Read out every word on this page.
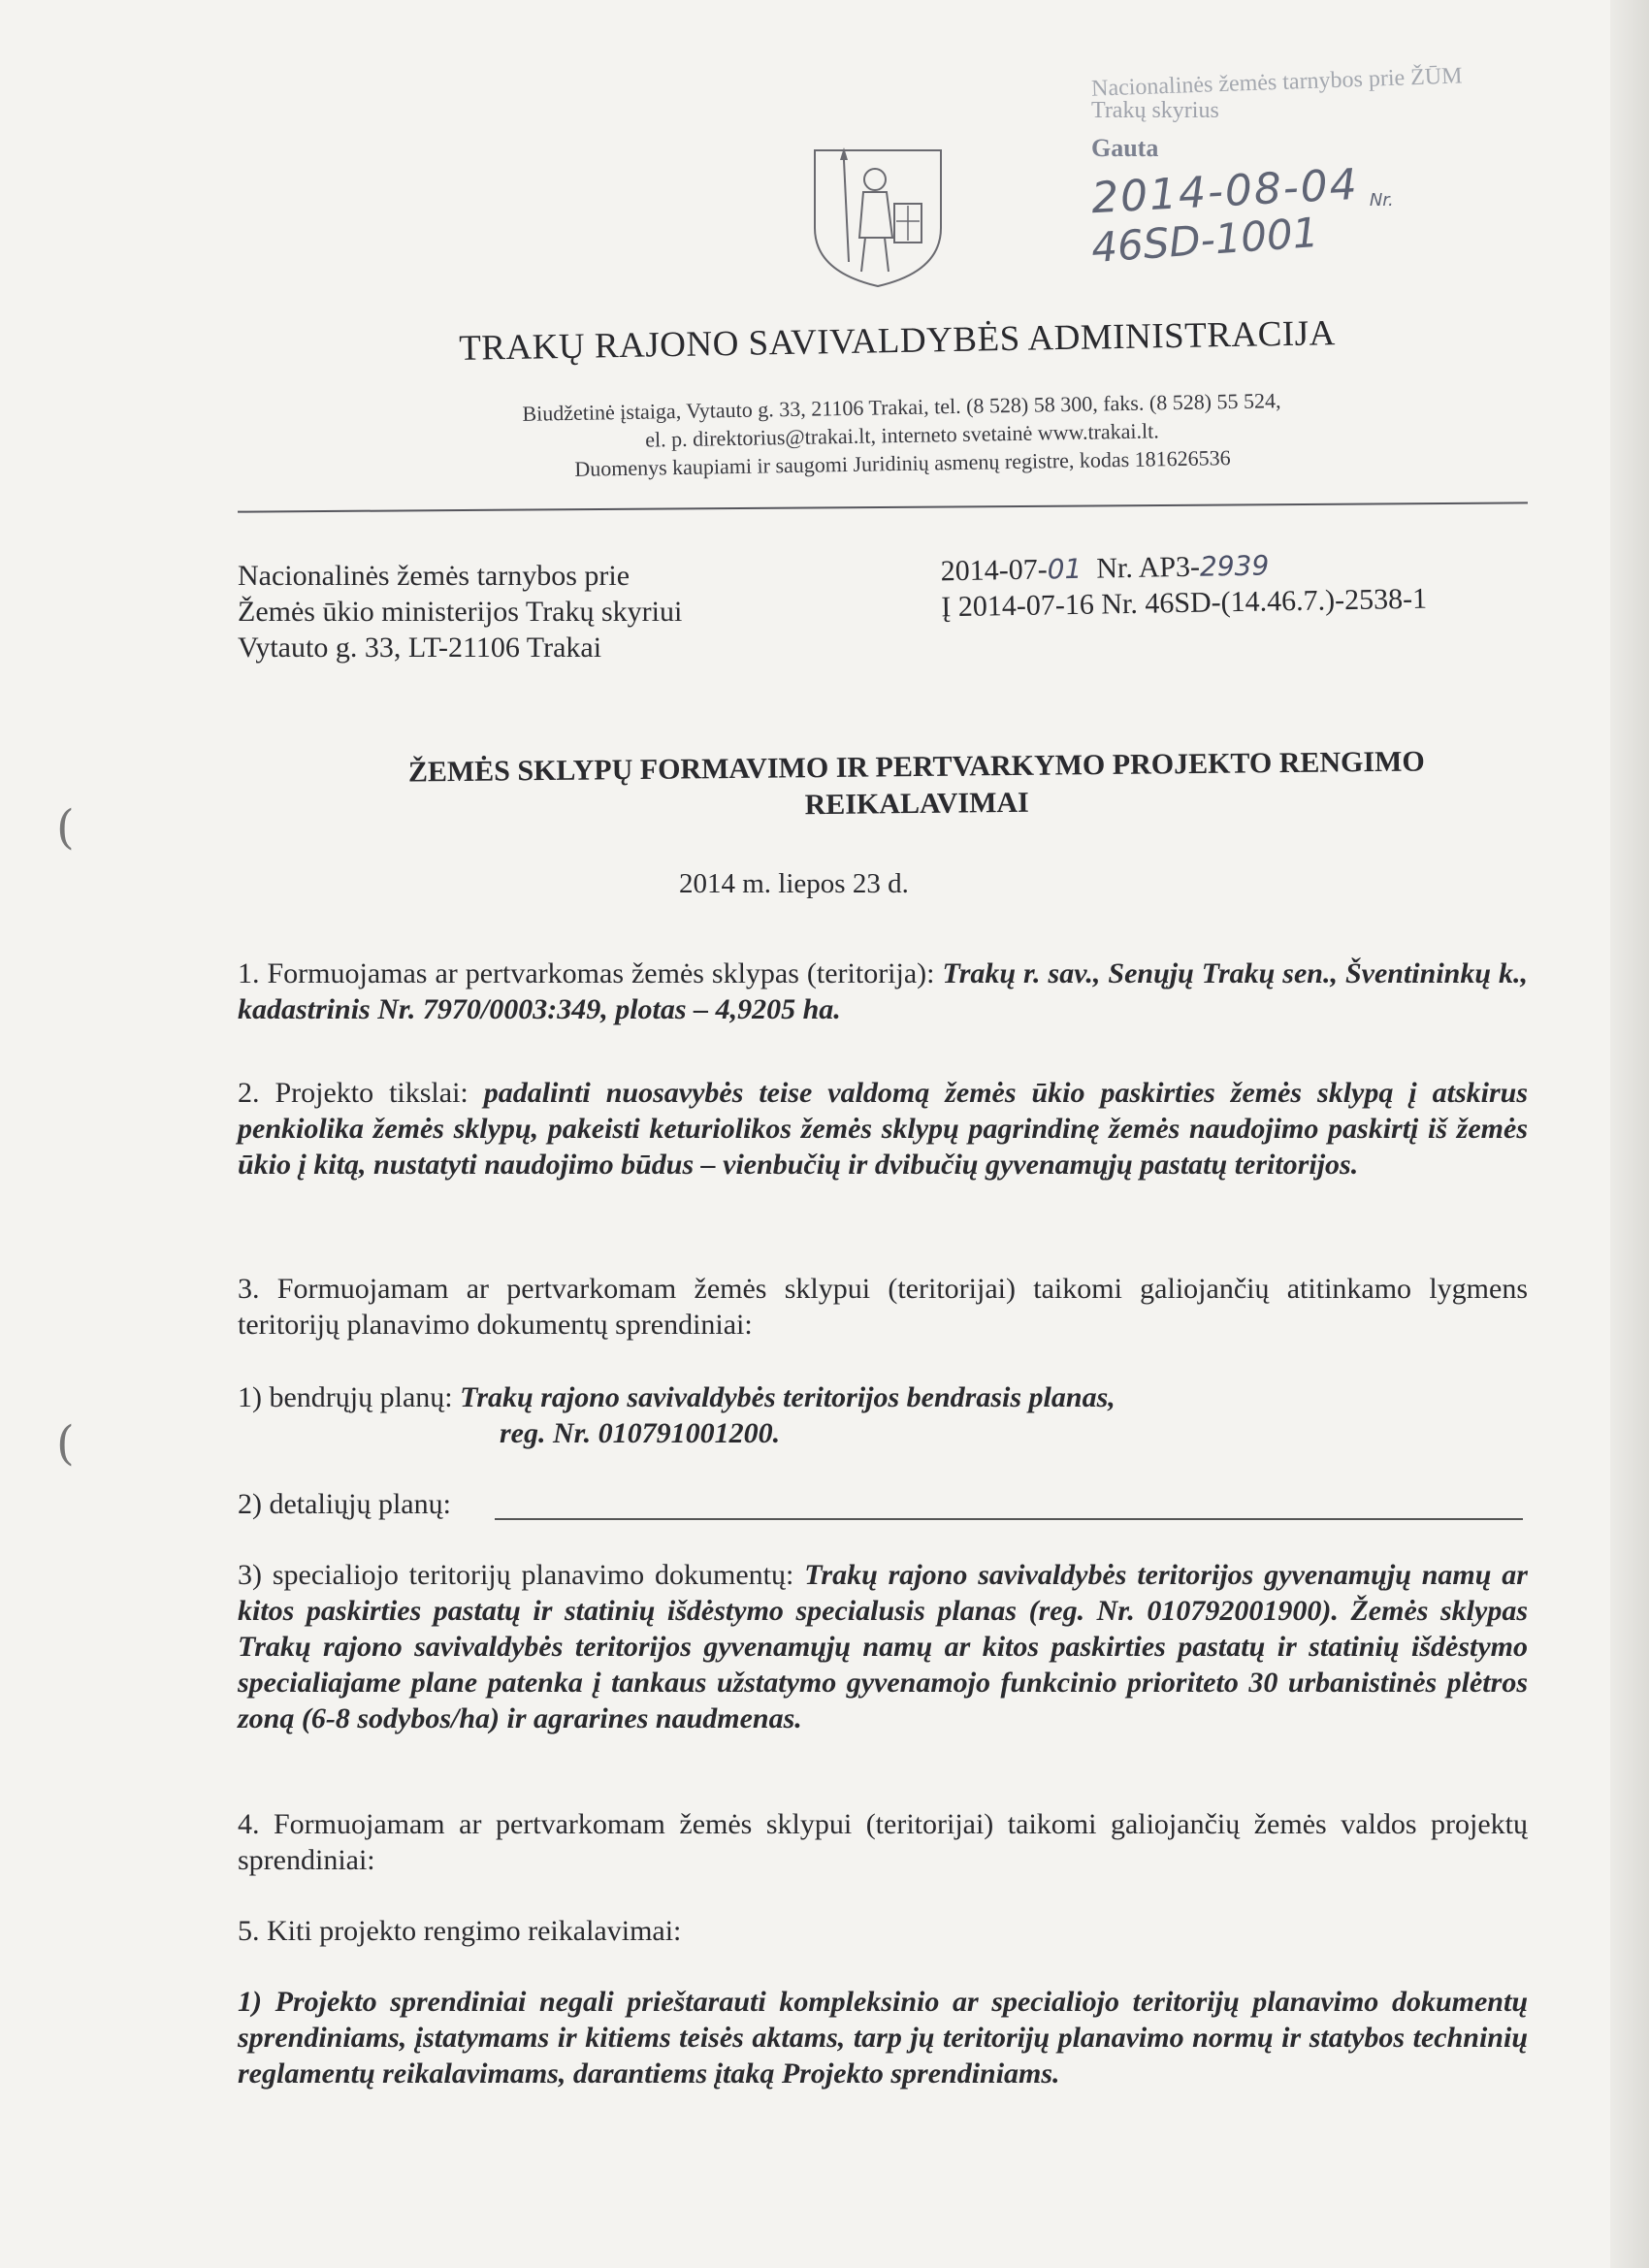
Nacionalinės žemės tarnybos prie ŽŪM
Trakų skyrius
Gauta
2014-08-04 Nr. 46SD-1001
TRAKŲ RAJONO SAVIVALDYBĖS ADMINISTRACIJA
Biudžetinė įstaiga, Vytauto g. 33, 21106 Trakai, tel. (8 528) 58 300, faks. (8 528) 55 524,
el. p. direktorius@trakai.lt, interneto svetainė www.trakai.lt.
Duomenys kaupiami ir saugomi Juridinių asmenų registre, kodas 181626536
Nacionalinės žemės tarnybos prie
Žemės ūkio ministerijos Trakų skyriui
Vytauto g. 33, LT-21106 Trakai
2014-07-01 Nr. AP3-2939
Į 2014-07-16 Nr. 46SD-(14.46.7.)-2538-1
ŽEMĖS SKLYPŲ FORMAVIMO IR PERTVARKYMO PROJEKTO RENGIMO
REIKALAVIMAI
2014 m. liepos 23 d.
1. Formuojamas ar pertvarkomas žemės sklypas (teritorija): Trakų r. sav., Senųjų Trakų sen., Šventininkų k., kadastrinis Nr. 7970/0003:349, plotas – 4,9205 ha.
2. Projekto tikslai: padalinti nuosavybės teise valdomą žemės ūkio paskirties žemės sklypą į atskirus penkiolika žemės sklypų, pakeisti keturiolikos žemės sklypų pagrindinę žemės naudojimo paskirtį iš žemės ūkio į kitą, nustatyti naudojimo būdus – vienbučių ir dvibučių gyvenamųjų pastatų teritorijos.
3. Formuojamam ar pertvarkomam žemės sklypui (teritorijai) taikomi galiojančių atitinkamo lygmens teritorijų planavimo dokumentų sprendiniai:
1) bendrųjų planų: Trakų rajono savivaldybės teritorijos bendrasis planas,
reg. Nr. 010791001200.
2) detaliųjų planų:
3) specialiojo teritorijų planavimo dokumentų: Trakų rajono savivaldybės teritorijos gyvenamųjų namų ar kitos paskirties pastatų ir statinių išdėstymo specialusis planas (reg. Nr. 010792001900). Žemės sklypas Trakų rajono savivaldybės teritorijos gyvenamųjų namų ar kitos paskirties pastatų ir statinių išdėstymo specialiajame plane patenka į tankaus užstatymo gyvenamojo funkcinio prioriteto 30 urbanistinės plėtros zoną (6-8 sodybos/ha) ir agrarines naudmenas.
4. Formuojamam ar pertvarkomam žemės sklypui (teritorijai) taikomi galiojančių žemės valdos projektų sprendiniai:
5. Kiti projekto rengimo reikalavimai:
1) Projekto sprendiniai negali prieštarauti kompleksinio ar specialiojo teritorijų planavimo dokumentų sprendiniams, įstatymams ir kitiems teisės aktams, tarp jų teritorijų planavimo normų ir statybos techninių reglamentų reikalavimams, darantiems įtaką Projekto sprendiniams.
(
(
